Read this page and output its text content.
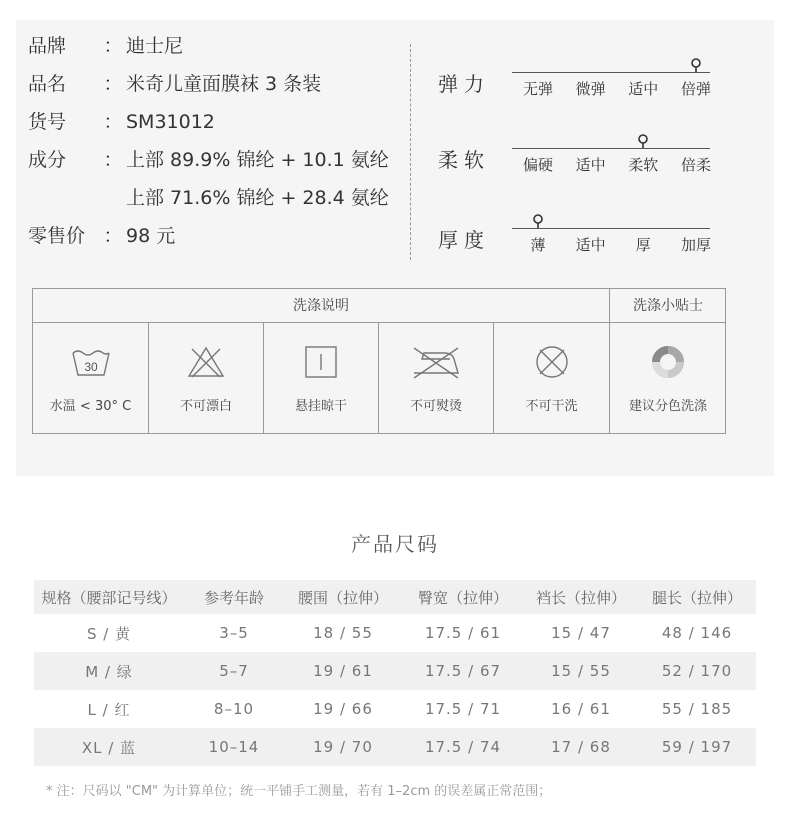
品牌	： 迪士尼
品名	： 米奇儿童面膜袜 3 条装
货号	： SM31012
成分	： 上部 89.9% 锦纶 + 10.1 氨纶
上部 71.6% 锦纶 + 28.4 氨纶
零售价 ： 98 元
弹力	无弹	微弹	适中	倍弹
柔软	偏硬	适中	柔软	倍柔
厚度	薄	适中	厚	加厚
洗涤说明	洗涤小贴士
30
水温 < 30° C	不可漂白	悬挂晾干	不可熨烫	不可干洗	建议分色洗涤
产品尺码
规格（腰部记号线）	参考年龄	腰围（拉伸）	臀宽（拉伸）	裆长（拉伸）	腿长（拉伸）
S / 黄	3–5	18 / 55	17.5 / 61	15 / 47	48 / 146
M / 绿	5–7	19 / 61	17.5 / 67	15 / 55	52 / 170
L / 红	8–10	19 / 66	17.5 / 71	16 / 61	55 / 185
XL / 蓝	10–14	19 / 70	17.5 / 74	17 / 68	59 / 197
* 注：尺码以 "CM" 为计算单位；统一平铺手工测量，若有 1–2cm 的误差属正常范围；
